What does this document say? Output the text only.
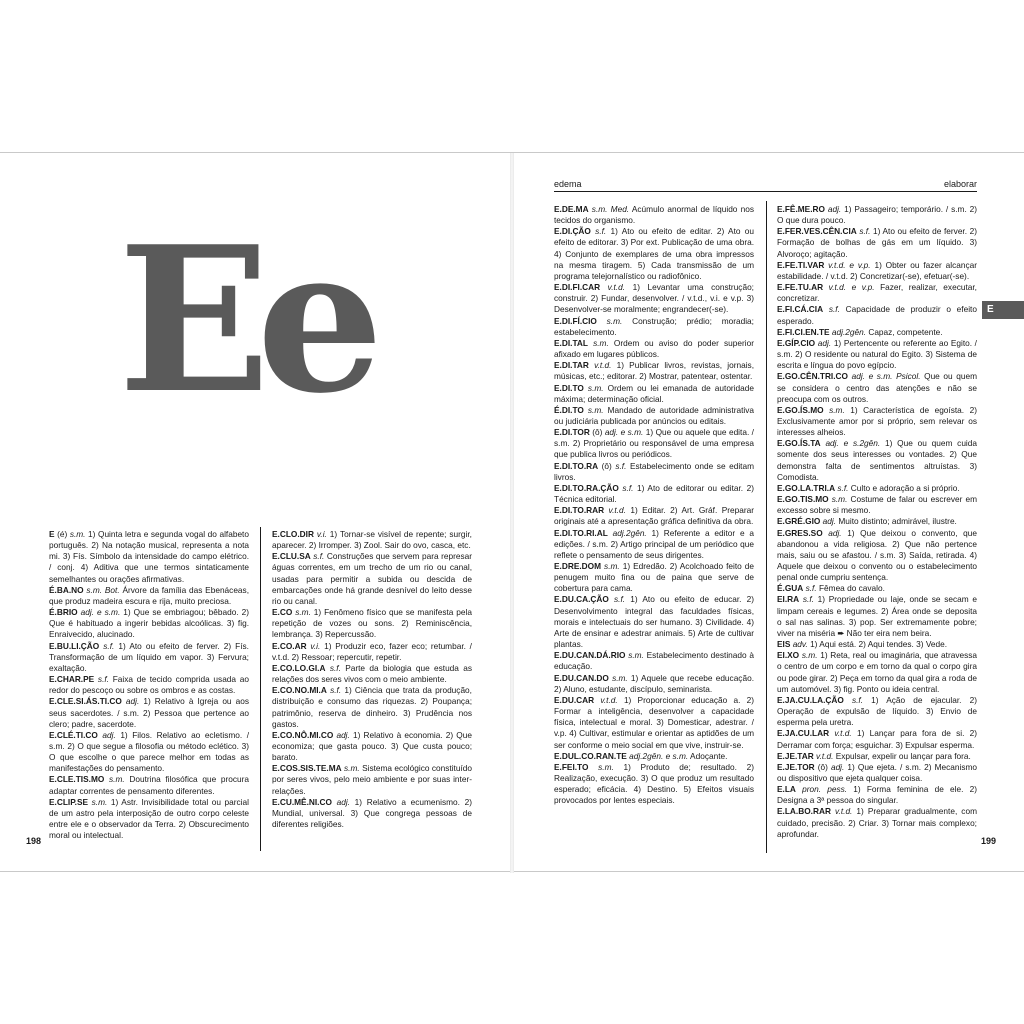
Ee

E (é) s.m. 1) Quinta letra e segunda vogal do alfabeto português. 2) Na notação musical, representa a nota mi. 3) Fís. Símbolo da intensidade do campo elétrico. / conj. 4) Aditiva que une termos sintaticamente semelhantes ou orações afirmativas.

É.BA.NO s.m. Bot. Árvore da família das Ebenáceas, que produz madeira escura e rija, muito preciosa.

É.BRIO adj. e s.m. 1) Que se embriagou; bêbado. 2) Que é habituado a ingerir bebidas alcoólicas. 3) fig. Enraivecido, alucinado.

E.BU.LI.ÇÃO s.f. 1) Ato ou efeito de ferver. 2) Fís. Transformação de um líquido em vapor. 3) Fervura; exaltação.

E.CHAR.PE s.f. Faixa de tecido comprida usada ao redor do pescoço ou sobre os ombros e as costas.

E.CLE.SI.ÁS.TI.CO adj. 1) Relativo à Igreja ou aos seus sacerdotes. / s.m. 2) Pessoa que pertence ao clero; padre, sacerdote.

E.CLÉ.TI.CO adj. 1) Filos. Relativo ao ecletismo. / s.m. 2) O que segue a filosofia ou método eclético. 3) O que escolhe o que parece melhor em todas as manifestações do pensamento.

E.CLE.TIS.MO s.m. Doutrina filosófica que procura adaptar correntes de pensamento diferentes.

E.CLIP.SE s.m. 1) Astr. Invisibilidade total ou parcial de um astro pela interposição de outro corpo celeste entre ele e o observador da Terra. 2) Obscurecimento moral ou intelectual.

E.CLO.DIR v.i. 1) Tornar-se visível de repente; surgir, aparecer. 2) Irromper. 3) Zool. Sair do ovo, casca, etc.

E.CLU.SA s.f. Construções que servem para represar águas correntes, em um trecho de um rio ou canal, usadas para permitir a subida ou descida de embarcações onde há grande desnível do leito desse rio ou canal.

E.CO s.m. 1) Fenômeno físico que se manifesta pela repetição de vozes ou sons. 2) Reminiscência, lembrança. 3) Repercussão.

E.CO.AR v.i. 1) Produzir eco, fazer eco; retumbar. / v.t.d. 2) Ressoar; repercutir, repetir.

E.CO.LO.GI.A s.f. Parte da biologia que estuda as relações dos seres vivos com o meio ambiente.

E.CO.NO.MI.A s.f. 1) Ciência que trata da produção, distribuição e consumo das riquezas. 2) Poupança; patrimônio, reserva de dinheiro. 3) Prudência nos gastos.

E.CO.NÔ.MI.CO adj. 1) Relativo à economia. 2) Que economiza; que gasta pouco. 3) Que custa pouco; barato.

E.COS.SIS.TE.MA s.m. Sistema ecológico constituído por seres vivos, pelo meio ambiente e por suas inter-relações.

E.CU.MÊ.NI.CO adj. 1) Relativo a ecumenismo. 2) Mundial, universal. 3) Que congrega pessoas de diferentes religiões.

198
edema	elaborar

E.DE.MA s.m. Med. Acúmulo anormal de líquido nos tecidos do organismo.

E.DI.ÇÃO s.f. 1) Ato ou efeito de editar. 2) Ato ou efeito de editorar. 3) Por ext. Publicação de uma obra. 4) Conjunto de exemplares de uma obra impressos na mesma tiragem. 5) Cada transmissão de um programa telejornalístico ou radiofônico.

E.DI.FI.CAR v.t.d. 1) Levantar uma construção; construir. 2) Fundar, desenvolver. / v.t.d., v.i. e v.p. 3) Desenvolver-se moralmente; engrandecer(-se).

E.DI.FÍ.CIO s.m. Construção; prédio; moradia; estabelecimento.

E.DI.TAL s.m. Ordem ou aviso do poder superior afixado em lugares públicos.

E.DI.TAR v.t.d. 1) Publicar livros, revistas, jornais, músicas, etc.; editorar. 2) Mostrar, patentear, ostentar.

E.DI.TO s.m. Ordem ou lei emanada de autoridade máxima; determinação oficial.

É.DI.TO s.m. Mandado de autoridade administrativa ou judiciária publicada por anúncios ou editais.

E.DI.TOR (ô) adj. e s.m. 1) Que ou aquele que edita. / s.m. 2) Proprietário ou responsável de uma empresa que publica livros ou periódicos.

E.DI.TO.RA (ô) s.f. Estabelecimento onde se editam livros.

E.DI.TO.RA.ÇÃO s.f. 1) Ato de editorar ou editar. 2) Técnica editorial.

E.DI.TO.RAR v.t.d. 1) Editar. 2) Art. Gráf. Preparar originais até a apresentação gráfica definitiva da obra.

E.DI.TO.RI.AL adj.2gên. 1) Referente a editor e a edições. / s.m. 2) Artigo principal de um periódico que reflete o pensamento de seus dirigentes.

E.DRE.DOM s.m. 1) Edredão. 2) Acolchoado feito de penugem muito fina ou de paina que serve de cobertura para cama.

E.DU.CA.ÇÃO s.f. 1) Ato ou efeito de educar. 2) Desenvolvimento integral das faculdades físicas, morais e intelectuais do ser humano. 3) Civilidade. 4) Arte de ensinar e adestrar animais. 5) Arte de cultivar plantas.

E.DU.CAN.DÁ.RIO s.m. Estabelecimento destinado à educação.

E.DU.CAN.DO s.m. 1) Aquele que recebe educação. 2) Aluno, estudante, discípulo, seminarista.

E.DU.CAR v.t.d. 1) Proporcionar educação a. 2) Formar a inteligência, desenvolver a capacidade física, intelectual e moral. 3) Domesticar, adestrar. / v.p. 4) Cultivar, estimular e orientar as aptidões de um ser conforme o meio social em que vive, instruir-se.

E.DUL.CO.RAN.TE adj.2gên. e s.m. Adoçante.

E.FEI.TO s.m. 1) Produto de; resultado. 2) Realização, execução. 3) O que produz um resultado esperado; eficácia. 4) Destino. 5) Efeitos visuais provocados por lentes especiais.

E.FÊ.ME.RO adj. 1) Passageiro; temporário. / s.m. 2) O que dura pouco.

E.FER.VES.CÊN.CIA s.f. 1) Ato ou efeito de ferver. 2) Formação de bolhas de gás em um líquido. 3) Alvoroço; agitação.

E.FE.TI.VAR v.t.d. e v.p. 1) Obter ou fazer alcançar estabilidade. / v.t.d. 2) Concretizar(-se), efetuar(-se).

E.FE.TU.AR v.t.d. e v.p. Fazer, realizar, executar, concretizar.

E.FI.CÁ.CIA s.f. Capacidade de produzir o efeito esperado.

E.FI.CI.EN.TE adj.2gên. Capaz, competente.

E.GÍP.CIO adj. 1) Pertencente ou referente ao Egito. / s.m. 2) O residente ou natural do Egito. 3) Sistema de escrita e língua do povo egípcio.

E.GO.CÊN.TRI.CO adj. e s.m. Psicol. Que ou quem se considera o centro das atenções e não se preocupa com os outros.

E.GO.ÍS.MO s.m. 1) Característica de egoísta. 2) Exclusivamente amor por si próprio, sem relevar os interesses alheios.

E.GO.ÍS.TA adj. e s.2gên. 1) Que ou quem cuida somente dos seus interesses ou vontades. 2) Que demonstra falta de sentimentos altruístas. 3) Comodista.

E.GO.LA.TRI.A s.f. Culto e adoração a si próprio.

E.GO.TIS.MO s.m. Costume de falar ou escrever em excesso sobre si mesmo.

E.GRÉ.GIO adj. Muito distinto; admirável, ilustre.

E.GRES.SO adj. 1) Que deixou o convento, que abandonou a vida religiosa. 2) Que não pertence mais, saiu ou se afastou. / s.m. 3) Saída, retirada. 4) Aquele que deixou o convento ou o estabelecimento penal onde cumpriu sentença.

É.GUA s.f. Fêmea do cavalo.

EI.RA s.f. 1) Propriedade ou laje, onde se secam e limpam cereais e legumes. 2) Área onde se deposita o sal nas salinas. 3) pop. Ser extremamente pobre; viver na miséria ➨ Não ter eira nem beira.

EIS adv. 1) Aqui está. 2) Aqui tendes. 3) Vede.

EI.XO s.m. 1) Reta, real ou imaginária, que atravessa o centro de um corpo e em torno da qual o corpo gira ou pode girar. 2) Peça em torno da qual gira a roda de um automóvel. 3) fig. Ponto ou ideia central.

E.JA.CU.LA.ÇÃO s.f. 1) Ação de ejacular. 2) Operação de expulsão de líquido. 3) Envio de esperma pela uretra.

E.JA.CU.LAR v.t.d. 1) Lançar para fora de si. 2) Derramar com força; esguichar. 3) Expulsar esperma.

E.JE.TAR v.t.d. Expulsar, expelir ou lançar para fora.

E.JE.TOR (ô) adj. 1) Que ejeta. / s.m. 2) Mecanismo ou dispositivo que ejeta qualquer coisa.

E.LA pron. pess. 1) Forma feminina de ele. 2) Designa a 3ª pessoa do singular.

E.LA.BO.RAR v.t.d. 1) Preparar gradualmente, com cuidado, precisão. 2) Criar. 3) Tornar mais complexo; aprofundar.

E
199
